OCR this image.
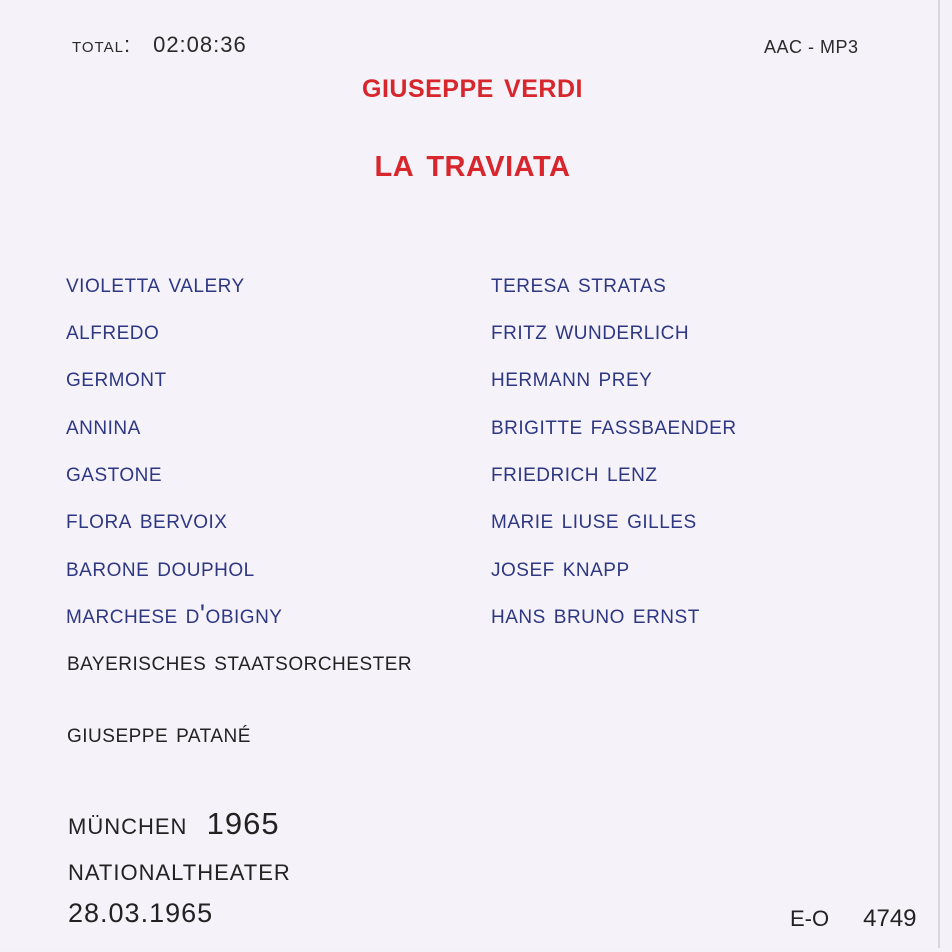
total: 02:08:36	AAC - MP3
giuseppe verdi
la traviata
violetta valery	teresa stratas
alfredo	fritz wunderlich
germont	hermann prey
annina	brigitte fassbaender
gastone	friedrich lenz
flora bervoix	marie liuse gilles
barone douphol	josef knapp
marchese d'obigny	hans bruno ernst
bayerisches staatsorchester
giuseppe patané
münchen  1965
nationaltheater
28.03.1965	E-O 4749
